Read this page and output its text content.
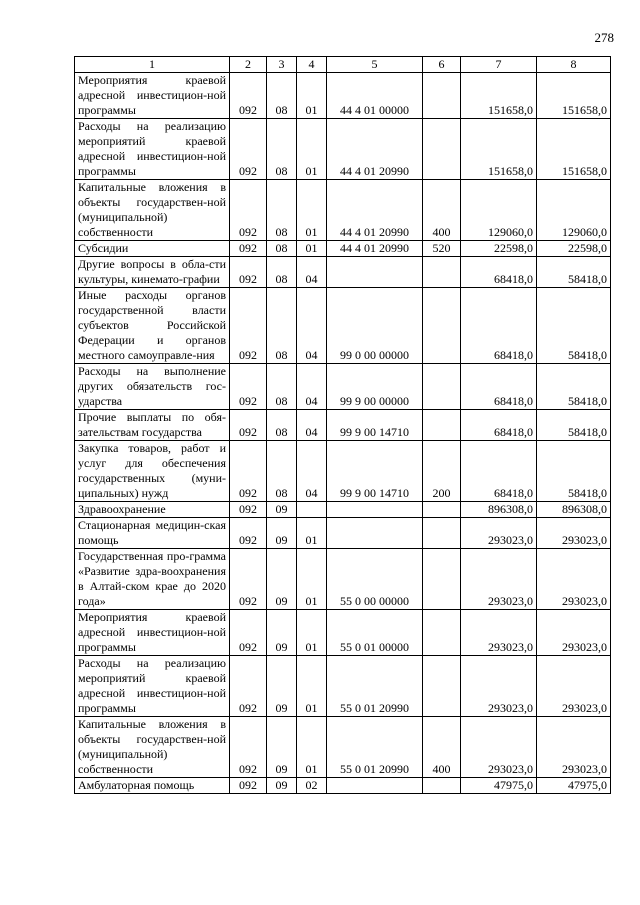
278
1	2	3	4	5	6	7	8
Мероприятия краевой адресной инвестицион-ной программы	092	08	01	44 4 01 00000		151658,0	151658,0
Расходы на реализацию мероприятий краевой адресной инвестицион-ной программы	092	08	01	44 4 01 20990		151658,0	151658,0
Капитальные вложения в объекты государствен-ной (муниципальной) собственности	092	08	01	44 4 01 20990	400	129060,0	129060,0
Субсидии	092	08	01	44 4 01 20990	520	22598,0	22598,0
Другие вопросы в обла-сти культуры, кинемато-графии	092	08	04			68418,0	58418,0
Иные расходы органов государственной власти субъектов Российской Федерации и органов местного самоуправле-ния	092	08	04	99 0 00 00000		68418,0	58418,0
Расходы на выполнение других обязательств гос-ударства	092	08	04	99 9 00 00000		68418,0	58418,0
Прочие выплаты по обя-зательствам государства	092	08	04	99 9 00 14710		68418,0	58418,0
Закупка товаров, работ и услуг для обеспечения государственных (муни-ципальных) нужд	092	08	04	99 9 00 14710	200	68418,0	58418,0
Здравоохранение	092	09				896308,0	896308,0
Стационарная медицин-ская помощь	092	09	01			293023,0	293023,0
Государственная про-грамма «Развитие здра-воохранения в Алтай-ском крае до 2020 года»	092	09	01	55 0 00 00000		293023,0	293023,0
Мероприятия краевой адресной инвестицион-ной программы	092	09	01	55 0 01 00000		293023,0	293023,0
Расходы на реализацию мероприятий краевой адресной инвестицион-ной программы	092	09	01	55 0 01 20990		293023,0	293023,0
Капитальные вложения в объекты государствен-ной (муниципальной) собственности	092	09	01	55 0 01 20990	400	293023,0	293023,0
Амбулаторная помощь	092	09	02			47975,0	47975,0
